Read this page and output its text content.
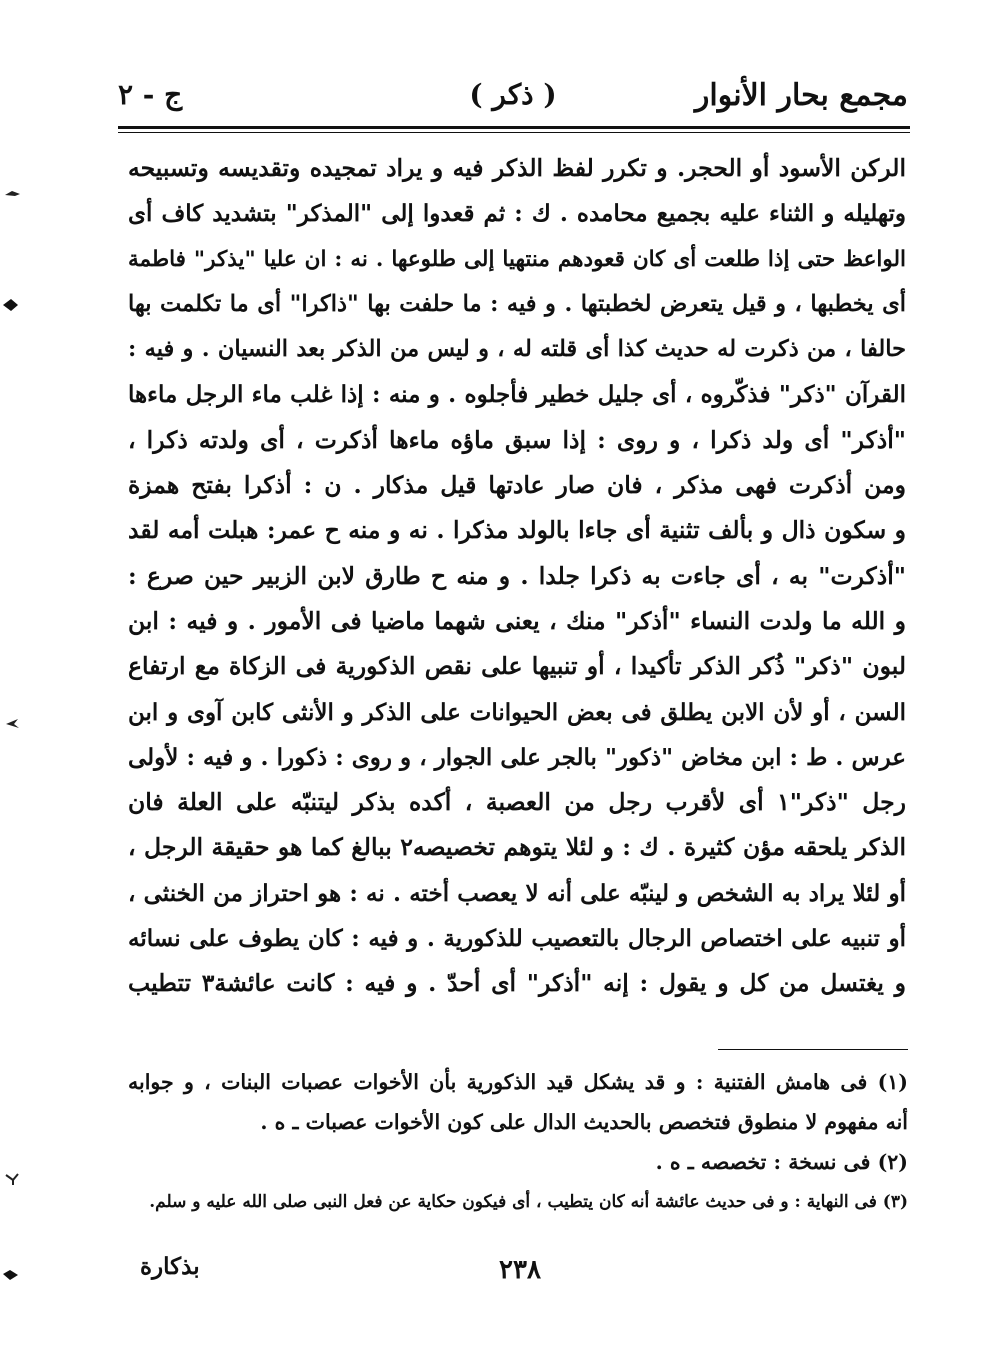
مجمع بحار الأنوار
( ذكر )
ج - ٢
الركن الأسود أو الحجر. و تكرر لفظ الذكر فيه و يراد تمجيده وتقديسه وتسبيحه
وتهليله و الثناء عليه بجميع محامده . ك : ثم قعدوا إلى "المذكر" بتشديد كاف أى
الواعظ حتى إذا طلعت أى كان قعودهم منتهيا إلى طلوعها . نه : ان عليا "يذكر" فاطمة
أى يخطبها ، و قيل يتعرض لخطبتها . و فيه : ما حلفت بها "ذاكرا" أى ما تكلمت بها
حالفا ، من ذكرت له حديث كذا أى قلته له ، و ليس من الذكر بعد النسيان . و فيه :
القرآن "ذكر" فذكّروه ، أى جليل خطير فأجلوه . و منه : إذا غلب ماء الرجل ماءها
"أذكر" أى ولد ذكرا ، و روى : إذا سبق ماؤه ماءها أذكرت ، أى ولدته ذكرا ،
ومن أذكرت فهى مذكر ، فان صار عادتها قيل مذكار . ن : أذكرا بفتح همزة
و سكون ذال و بألف تثنية أى جاءا بالولد مذكرا . نه و منه ح عمر: هبلت أمه لقد
"أذكرت" به ، أى جاءت به ذكرا جلدا . و منه ح طارق لابن الزبير حين صرع :
و الله ما ولدت النساء "أذكر" منك ، يعنى شهما ماضيا فى الأمور . و فيه : ابن
لبون "ذكر" ذُكر الذكر تأكيدا ، أو تنبيها على نقص الذكورية فى الزكاة مع ارتفاع
السن ، أو لأن الابن يطلق فى بعض الحيوانات على الذكر و الأنثى كابن آوى و ابن
عرس . ط : ابن مخاض "ذكور" بالجر على الجوار ، و روى : ذكورا . و فيه : لأولى
رجل "ذكر"١ أى لأقرب رجل من العصبة ، أكده بذكر ليتنبّه على العلة فان
الذكر يلحقه مؤن كثيرة . ك : و لئلا يتوهم تخصيصه٢ ببالغ كما هو حقيقة الرجل ،
أو لئلا يراد به الشخص و لينبّه على أنه لا يعصب أخته . نه : هو احتراز من الخنثى ،
أو تنبيه على اختصاص الرجال بالتعصيب للذكورية . و فيه : كان يطوف على نسائه
و يغتسل من كل و يقول : إنه "أذكر" أى أحدّ . و فيه : كانت عائشة٣ تتطيب
(١) فى هامش الفتنية : و قد يشكل قيد الذكورية بأن الأخوات عصبات البنات ، و جوابه
أنه مفهوم لا منطوق فتخصص بالحديث الدال على كون الأخوات عصبات ـ ه .
(٢) فى نسخة : تخصصه ـ ه .
(٣) فى النهاية : و فى حديث عائشة أنه كان يتطيب ، أى فيكون حكاية عن فعل النبى صلى الله عليه و سلم.
٢٣٨
بذكارة
